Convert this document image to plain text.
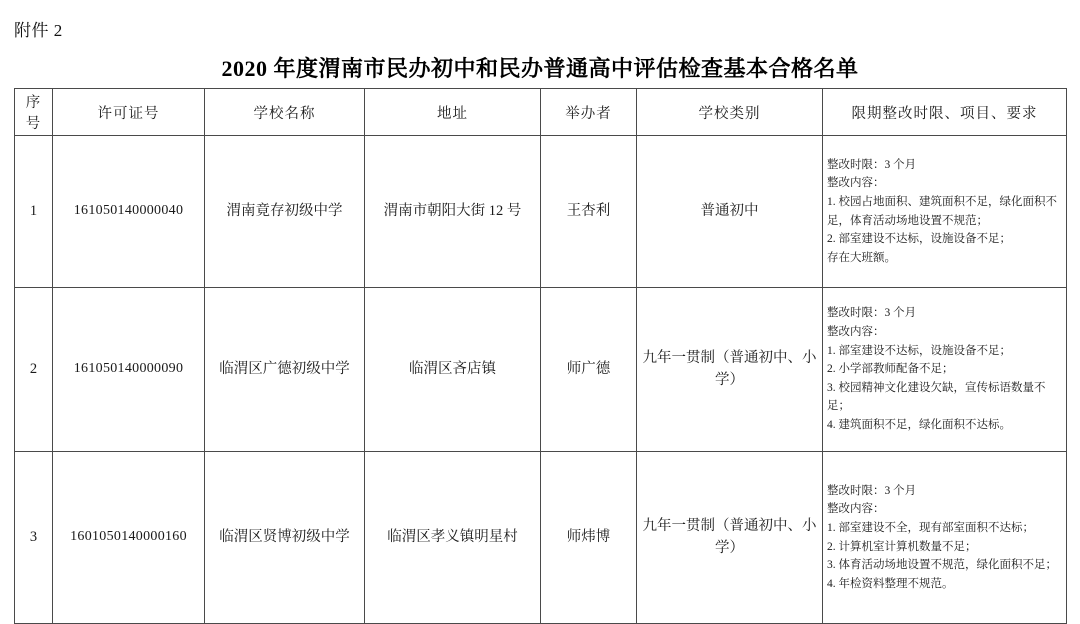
附件 2
2020 年度渭南市民办初中和民办普通高中评估检查基本合格名单
序号	许可证号	学校名称	地址	举办者	学校类别	限期整改时限、项目、要求
1	161050140000040	渭南竟存初级中学	渭南市朝阳大街 12 号	王杏利	普通初中	整改时限：3 个月
整改内容：
1. 校园占地面积、建筑面积不足，绿化面积不足，体育活动场地设置不规范；
2. 部室建设不达标，设施设备不足；
存在大班额。

2	161050140000090	临渭区广德初级中学	临渭区吝店镇	师广德	九年一贯制（普通初中、小学）	
整改时限：3 个月
整改内容：
1. 部室建设不达标，设施设备不足；
2. 小学部教师配备不足；
3. 校园精神文化建设欠缺，宣传标语数量不足；
4. 建筑面积不足，绿化面积不达标。

3	1601050140000160	临渭区贤博初级中学	临渭区孝义镇明星村	师炜博	九年一贯制（普通初中、小学）	
整改时限：3 个月
整改内容：
1. 部室建设不全，现有部室面积不达标；
2. 计算机室计算机数量不足；
3. 体育活动场地设置不规范，绿化面积不足；
4. 年检资料整理不规范。
